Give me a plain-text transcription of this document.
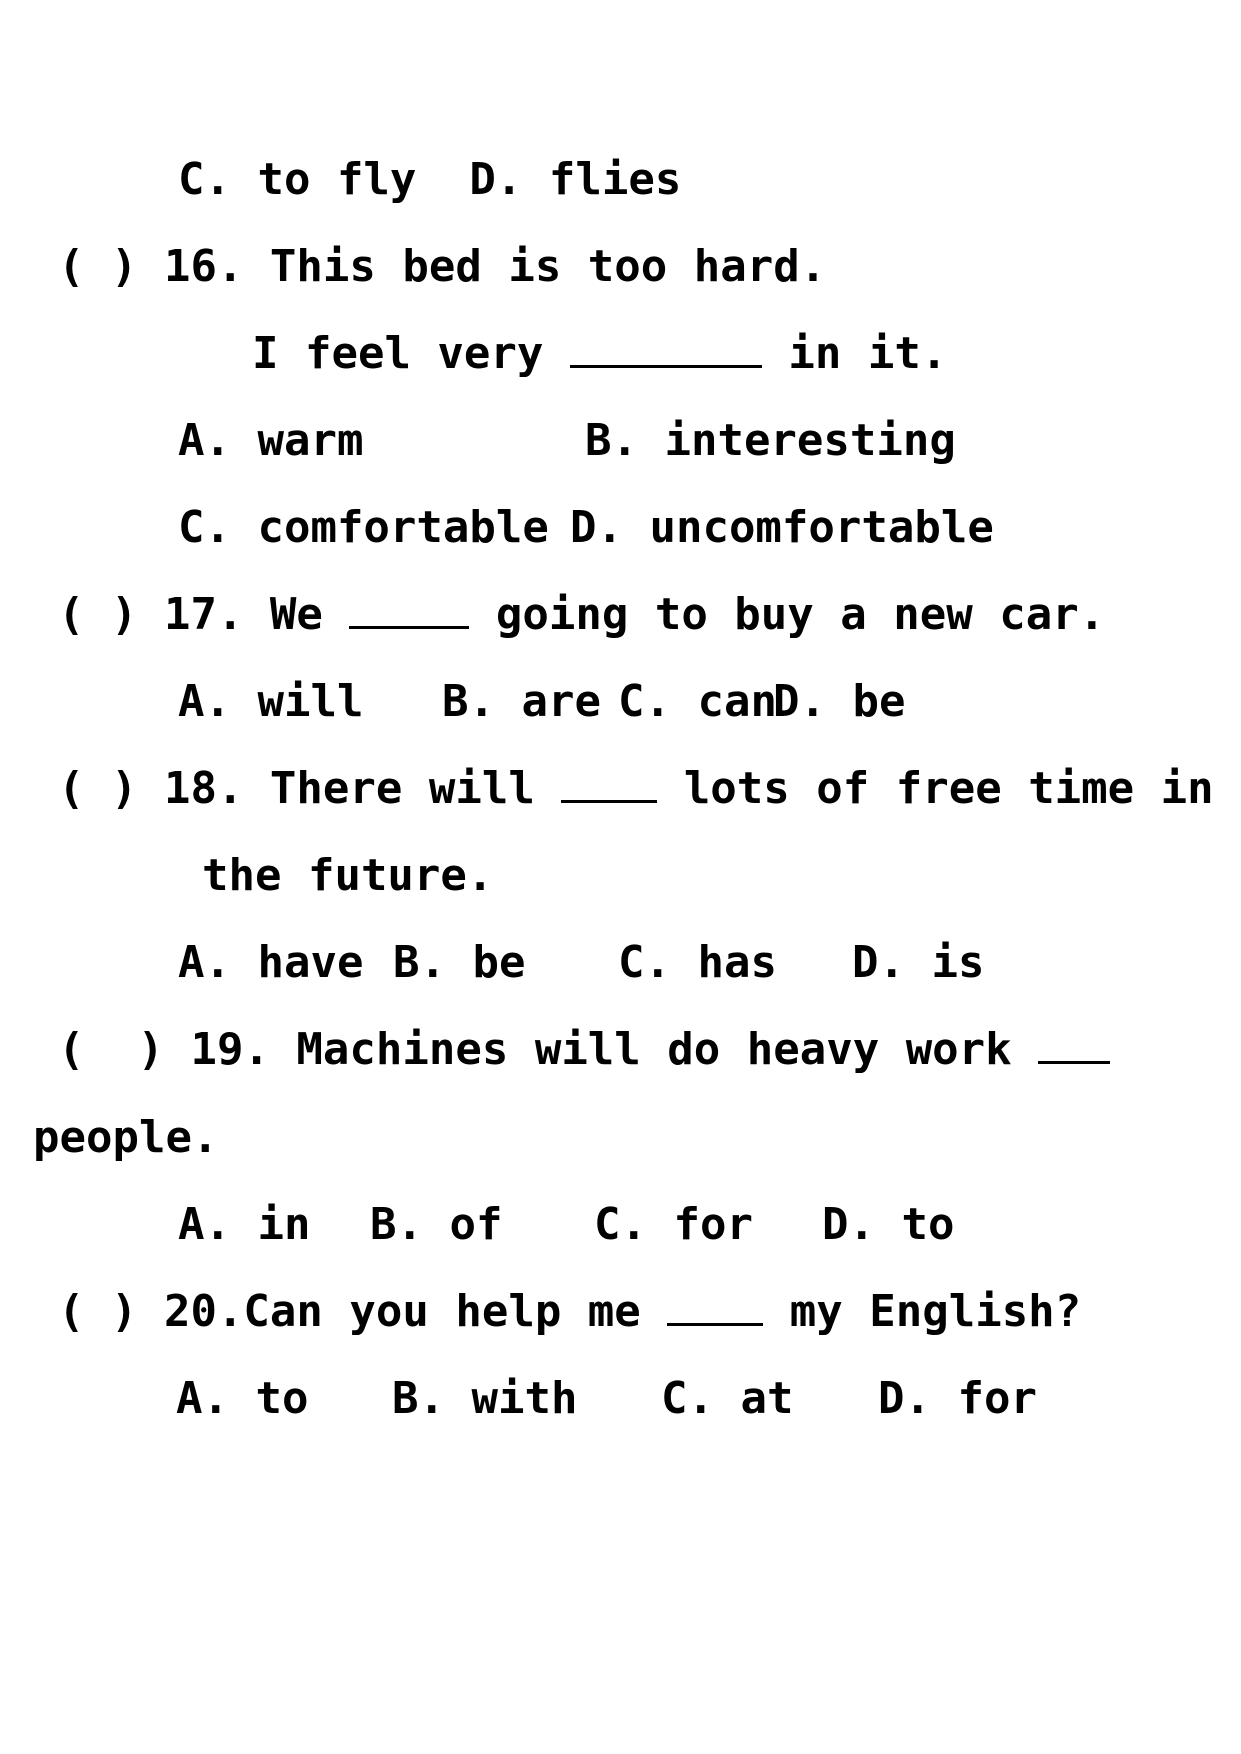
C. to fly  D. flies
( ) 16. This bed is too hard.
I feel very	in it.
A. warm	B. interesting
C. comfortable D. uncomfortable
( ) 17. We	going to buy a new car.
A. will B. are C. can
D. be
( ) 18. There will  lots of free time in
the future.
A. have B. be C. has D. is
(  ) 19. Machines will do heavy work
people.
A. in B. of C. for D. to
( ) 20.Can you help me  my English?
A. to B. with C. at D. for
